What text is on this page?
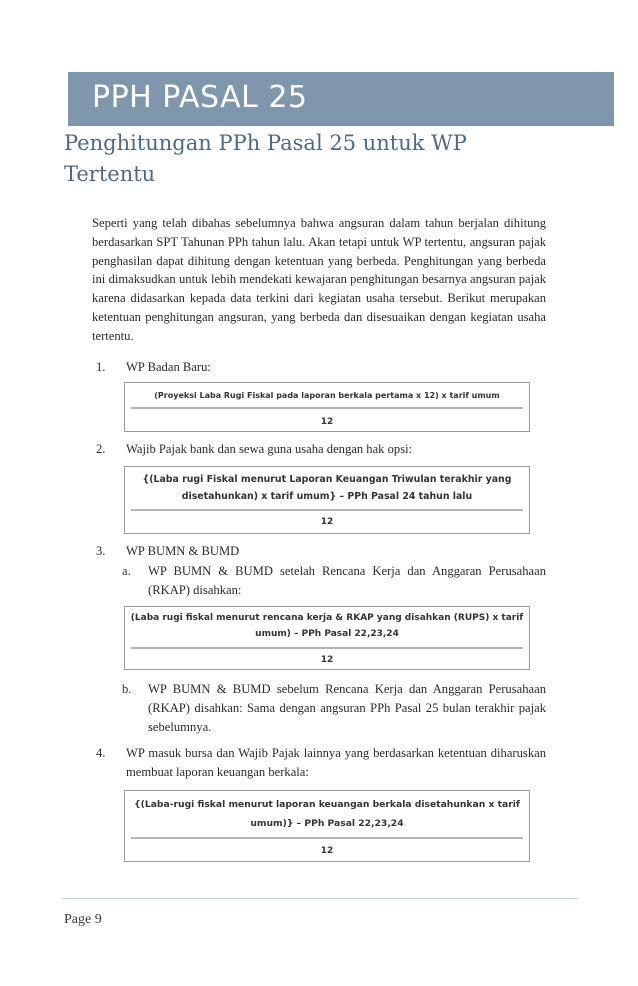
PPH PASAL 25
Penghitungan PPh Pasal 25 untuk WP Tertentu
Seperti yang telah dibahas sebelumnya bahwa angsuran dalam tahun berjalan dihitung berdasarkan SPT Tahunan PPh tahun lalu. Akan tetapi untuk WP tertentu, angsuran pajak penghasilan dapat dihitung dengan ketentuan yang berbeda. Penghitungan yang berbeda ini dimaksudkan untuk lebih mendekati kewajaran penghitungan besarnya angsuran pajak karena didasarkan kepada data terkini dari kegiatan usaha tersebut. Berikut merupakan ketentuan penghitungan angsuran, yang berbeda dan disesuaikan dengan kegiatan usaha tertentu.
1. WP Badan Baru:
(Proyeksi Laba Rugi Fiskal pada laporan berkala pertama x 12) x tarif umum
12
2. Wajib Pajak bank dan sewa guna usaha dengan hak opsi:
{(Laba rugi Fiskal menurut Laporan Keuangan Triwulan terakhir yang
disetahunkan) x tarif umum} – PPh Pasal 24 tahun lalu
12
3. WP BUMN & BUMD
a. WP BUMN & BUMD setelah Rencana Kerja dan Anggaran Perusahaan (RKAP) disahkan:
(Laba rugi fiskal menurut rencana kerja & RKAP yang disahkan (RUPS) x tarif
umum) – PPh Pasal 22,23,24
12
b. WP BUMN & BUMD sebelum Rencana Kerja dan Anggaran Perusahaan (RKAP) disahkan: Sama dengan angsuran PPh Pasal 25 bulan terakhir pajak sebelumnya.
4. WP masuk bursa dan Wajib Pajak lainnya yang berdasarkan ketentuan diharuskan membuat laporan keuangan berkala:
{(Laba-rugi fiskal menurut laporan keuangan berkala disetahunkan x tarif
umum)} – PPh Pasal 22,23,24
12
Page 9
